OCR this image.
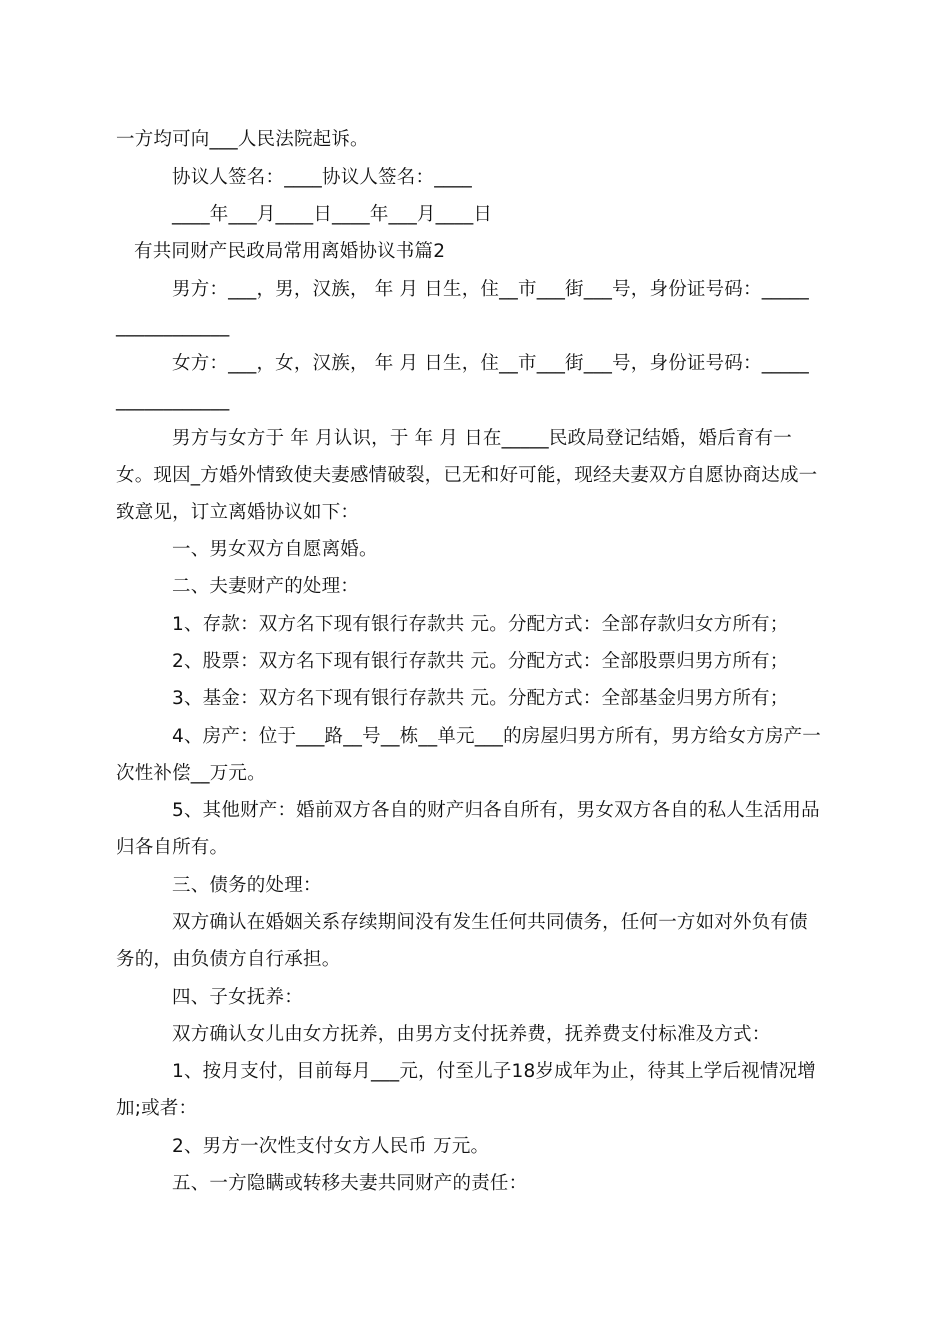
一方均可向___人民法院起诉。
协议人签名：____协议人签名：____
____年___月____日____年___月____日
有共同财产民政局常用离婚协议书篇2
男方：___，男，汉族， 年 月 日生，住__市___街___号，身份证号码：_____
____________
女方：___，女，汉族， 年 月 日生，住__市___街___号，身份证号码：_____
____________
男方与女方于 年 月认识，于 年 月 日在_____民政局登记结婚，婚后育有一
女。现因_方婚外情致使夫妻感情破裂，已无和好可能，现经夫妻双方自愿协商达成一
致意见，订立离婚协议如下：
一、男女双方自愿离婚。
二、夫妻财产的处理：
1、存款：双方名下现有银行存款共 元。分配方式：全部存款归女方所有；
2、股票：双方名下现有银行存款共 元。分配方式：全部股票归男方所有；
3、基金：双方名下现有银行存款共 元。分配方式：全部基金归男方所有；
4、房产：位于___路__号__栋__单元___的房屋归男方所有，男方给女方房产一
次性补偿__万元。
5、其他财产：婚前双方各自的财产归各自所有，男女双方各自的私人生活用品
归各自所有。
三、债务的处理：
双方确认在婚姻关系存续期间没有发生任何共同债务，任何一方如对外负有债
务的，由负债方自行承担。
四、子女抚养：
双方确认女儿由女方抚养，由男方支付抚养费，抚养费支付标准及方式：
1、按月支付，目前每月___元，付至儿子18岁成年为止，待其上学后视情况增
加;或者：
2、男方一次性支付女方人民币 万元。
五、一方隐瞒或转移夫妻共同财产的责任：
